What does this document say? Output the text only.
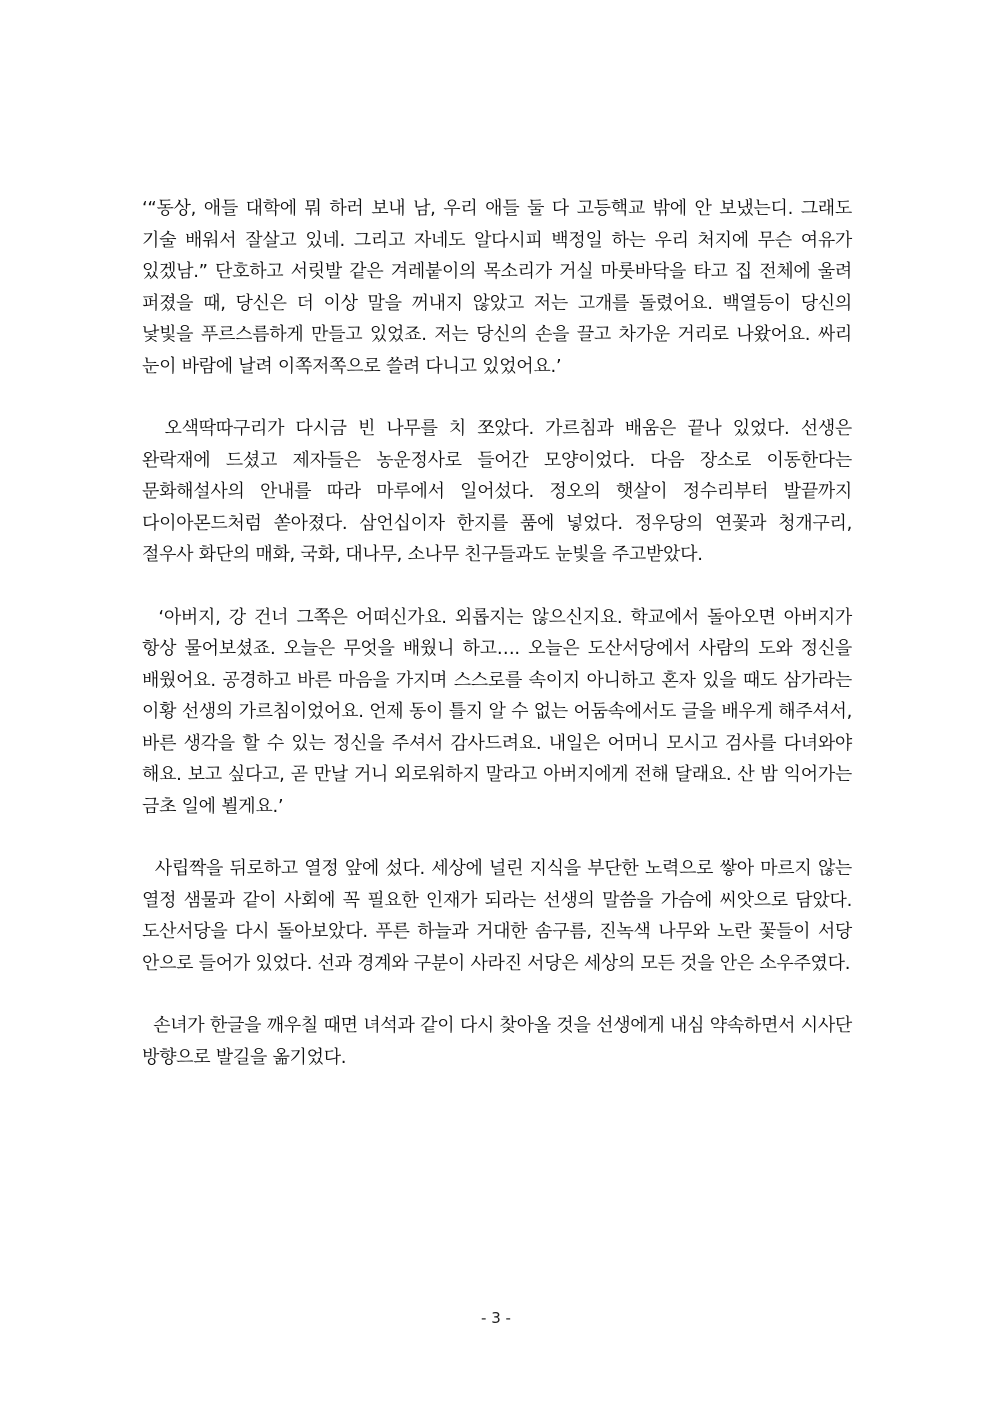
‘“동상, 애들 대학에 뭐 하러 보내 남, 우리 애들 둘 다 고등핵교 밖에 안 보냈는디. 그래도 기술 배워서 잘살고 있네. 그리고 자네도 알다시피 백정일 하는 우리 처지에 무슨 여유가 있겠남.” 단호하고 서릿발 같은 겨레붙이의 목소리가 거실 마룻바닥을 타고 집 전체에 울려 퍼졌을 때, 당신은 더 이상 말을 꺼내지 않았고 저는 고개를 돌렸어요. 백열등이 당신의 낯빛을 푸르스름하게 만들고 있었죠. 저는 당신의 손을 끌고 차가운 거리로 나왔어요. 싸리 눈이 바람에 날려 이쪽저쪽으로 쓸려 다니고 있었어요.’

오색딱따구리가 다시금 빈 나무를 치 쪼았다. 가르침과 배움은 끝나 있었다. 선생은 완락재에 드셨고 제자들은 농운정사로 들어간 모양이었다. 다음 장소로 이동한다는 문화해설사의 안내를 따라 마루에서 일어섰다. 정오의 햇살이 정수리부터 발끝까지 다이아몬드처럼 쏟아졌다. 삼언십이자 한지를 품에 넣었다. 정우당의 연꽃과 청개구리, 절우사 화단의 매화, 국화, 대나무, 소나무 친구들과도 눈빛을 주고받았다.

‘아버지, 강 건너 그쪽은 어떠신가요. 외롭지는 않으신지요. 학교에서 돌아오면 아버지가 항상 물어보셨죠. 오늘은 무엇을 배웠니 하고…. 오늘은 도산서당에서 사람의 도와 정신을 배웠어요. 공경하고 바른 마음을 가지며 스스로를 속이지 아니하고 혼자 있을 때도 삼가라는 이황 선생의 가르침이었어요. 언제 동이 틀지 알 수 없는 어둠속에서도 글을 배우게 해주셔서, 바른 생각을 할 수 있는 정신을 주셔서 감사드려요. 내일은 어머니 모시고 검사를 다녀와야 해요. 보고 싶다고, 곧 만날 거니 외로워하지 말라고 아버지에게 전해 달래요. 산 밤 익어가는 금초 일에 뵐게요.’

사립짝을 뒤로하고 열정 앞에 섰다. 세상에 널린 지식을 부단한 노력으로 쌓아 마르지 않는 열정 샘물과 같이 사회에 꼭 필요한 인재가 되라는 선생의 말씀을 가슴에 씨앗으로 담았다. 도산서당을 다시 돌아보았다. 푸른 하늘과 거대한 솜구름, 진녹색 나무와 노란 꽃들이 서당 안으로 들어가 있었다. 선과 경계와 구분이 사라진 서당은 세상의 모든 것을 안은 소우주였다.

손녀가 한글을 깨우칠 때면 녀석과 같이 다시 찾아올 것을 선생에게 내심 약속하면서 시사단 방향으로 발길을 옮기었다.

- 3 -
